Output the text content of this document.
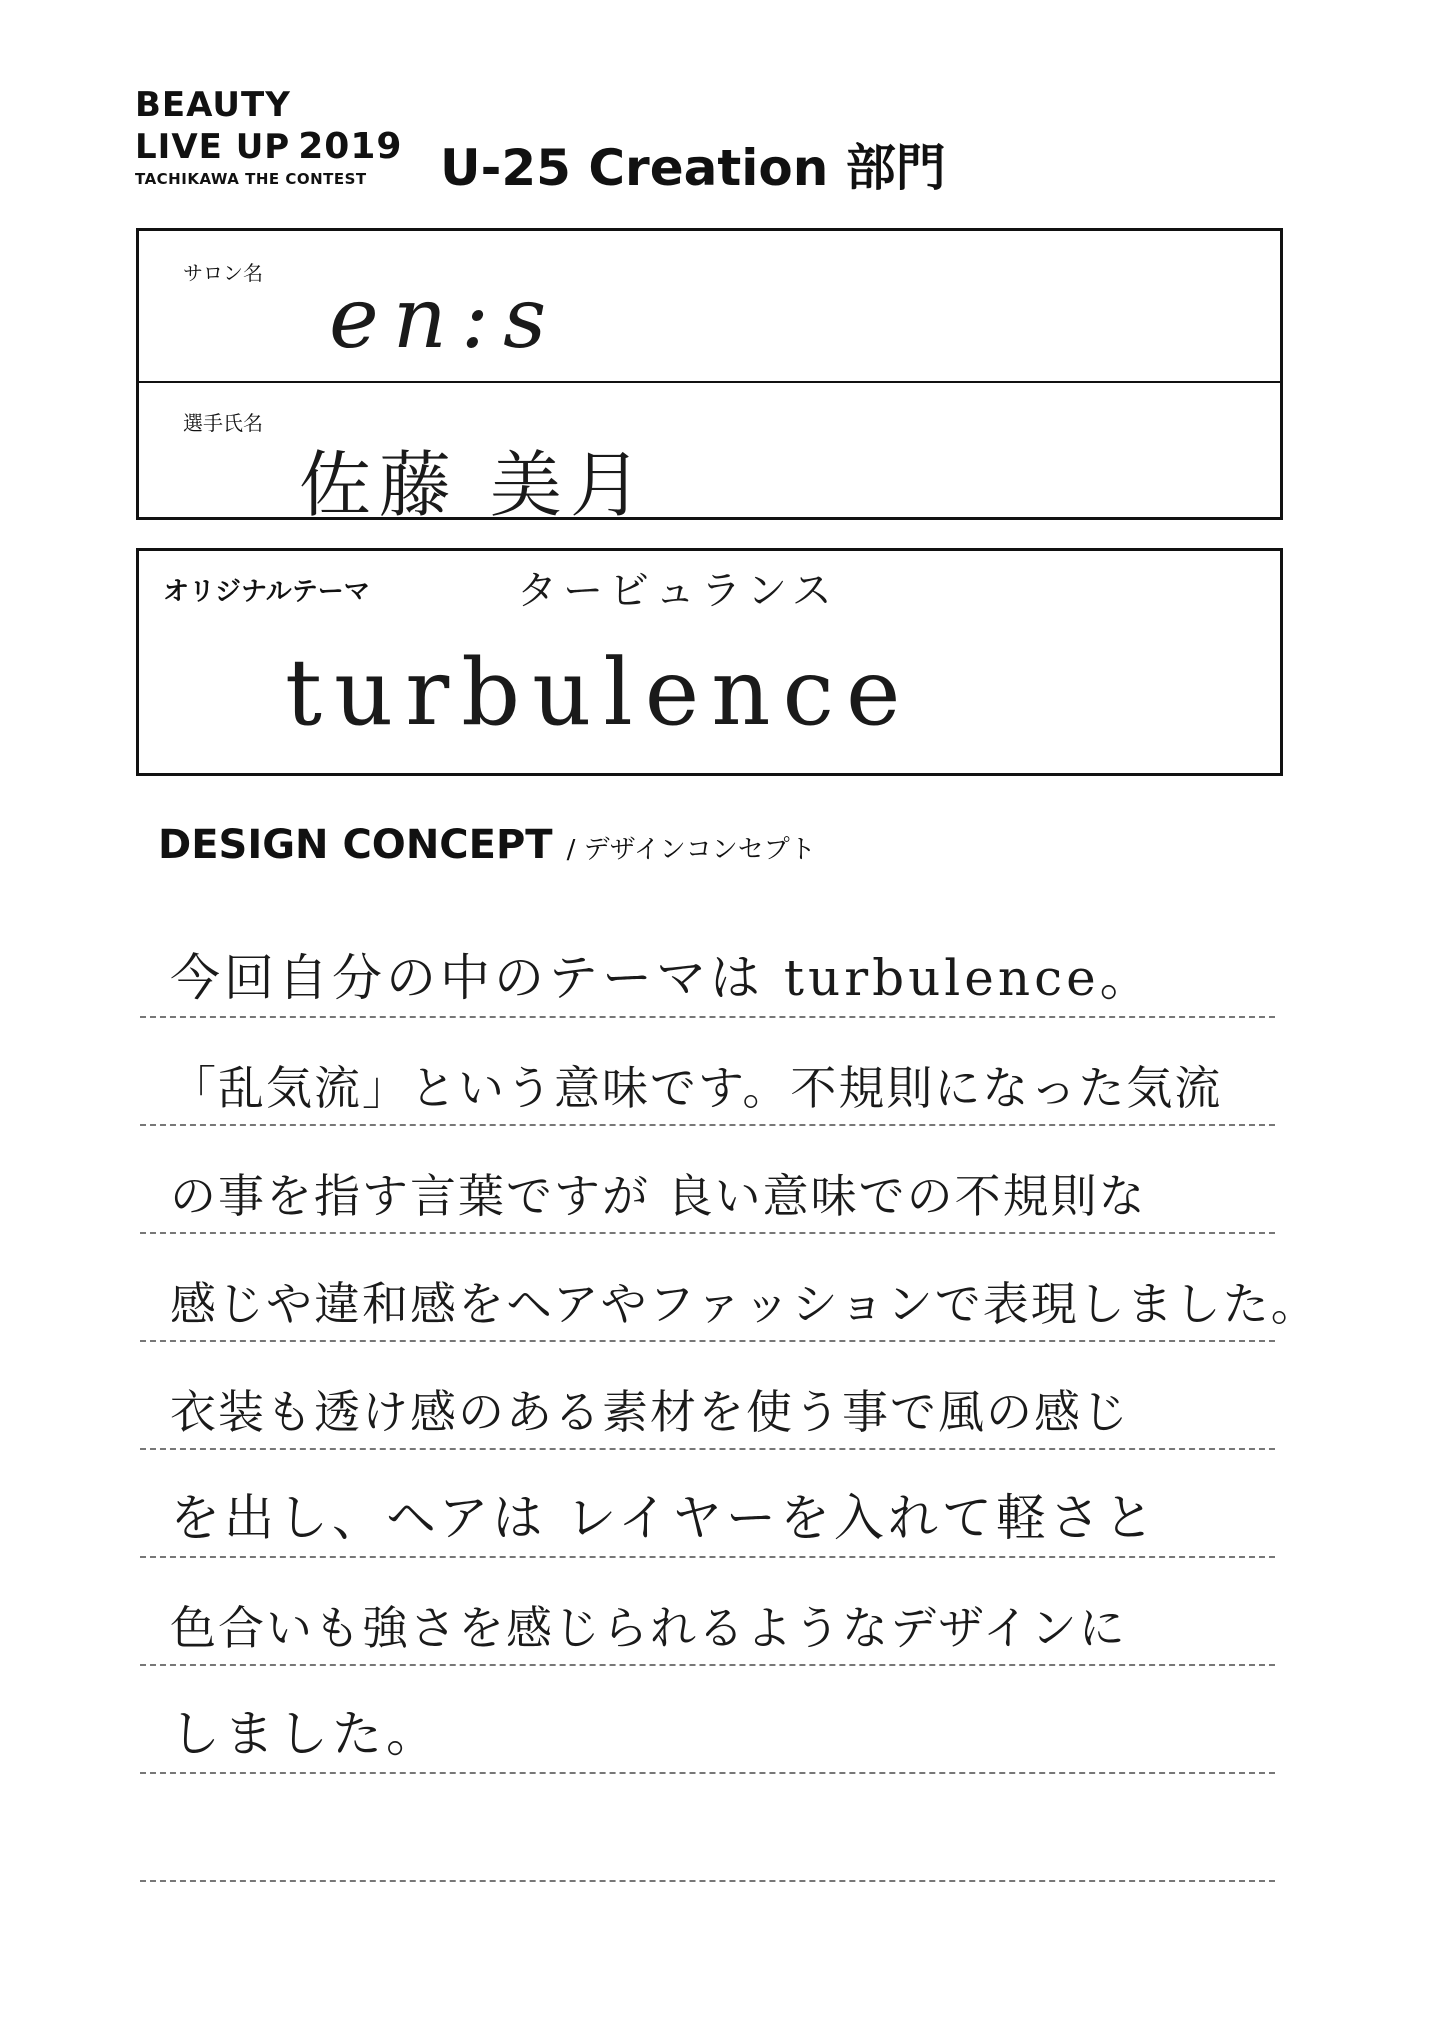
BEAUTY
LIVE UP 2019
TACHIKAWA THE CONTEST	U-25 Creation 部門
サロン名 en:s
選手氏名
佐藤 美月
オリジナルテーマ	タービュランス
turbulence
DESIGN CONCEPT / デザインコンセプト
今回自分の中のテーマは turbulence。
「乱気流」という意味です。不規則になった気流
の事を指す言葉ですが 良い意味での不規則な
感じや違和感をヘアやファッションで表現しました。
衣装も透け感のある素材を使う事で風の感じ
を出し、ヘアは レイヤーを入れて軽さと
色合いも強さを感じられるようなデザインに
しました。
